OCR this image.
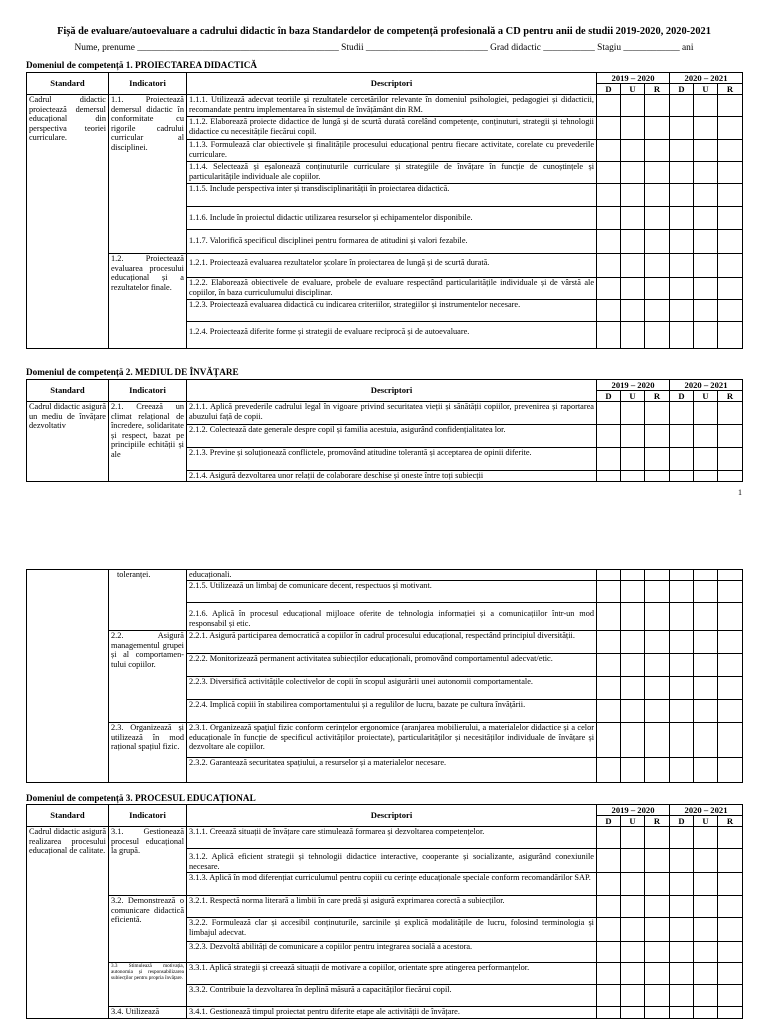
Fișă de evaluare/autoevaluare a cadrului didactic în baza Standardelor de competență profesională a CD pentru anii de studii 2019-2020, 2020-2021
Nume, prenume ___________________________________________ Studii __________________________ Grad didactic ___________ Stagiu ____________ ani
Domeniul de competență 1. PROIECTAREA DIDACTICĂ
Standard	Indicatori	Descriptori	2019 – 2020			2020 – 2021		
			D	U	R	D	U	R
Cadrul didactic proiectează demersul educațional din perspectiva teoriei curriculare.	1.1. Proiectează demersul didactic în conformitate cu rigorile cadrului curricular al disciplinei.	1.1.1. Utilizează adecvat teoriile și rezultatele cercetărilor relevante în domeniul psihologiei, pedagogiei și didacticii, recomandate pentru implementarea în sistemul de învățământ din RM.						
		1.1.2. Elaborează proiecte didactice de lungă și de scurtă durată corelând competențe, conținuturi, strategii și tehnologii didactice cu necesitățile fiecărui copil.						
		1.1.3. Formulează clar obiectivele și finalitățile procesului educațional pentru fiecare activitate, corelate cu prevederile curriculare.						
		1.1.4. Selectează și eșalonează conținuturile curriculare și strategiile de învățare în funcție de cunoștințele și particularitățile individuale ale copiilor.						
		1.1.5. Include perspectiva inter și transdisciplinarității în proiectarea didactică.						
		1.1.6. Include în proiectul didactic utilizarea resurselor și echipamentelor disponibile.						
		1.1.7. Valorifică specificul disciplinei pentru formarea de atitudini și valori fezabile.						
	1.2. Proiectează evaluarea procesului educațional și a rezultatelor finale.	1.2.1. Proiectează evaluarea rezultatelor școlare în proiectarea de lungă și de scurtă durată.						
		1.2.2. Elaborează obiectivele de evaluare, probele de evaluare respectând particularitățile individuale și de vârstă ale copiilor, în baza curriculumului disciplinar.						
		1.2.3. Proiectează evaluarea didactică cu indicarea criteriilor, strategiilor și instrumentelor necesare.						
		1.2.4. Proiectează diferite forme și strategii de evaluare reciprocă și de autoevaluare.						
Domeniul de competență 2. MEDIUL DE ÎNVĂȚARE
Standard	Indicatori	Descriptori	2019 – 2020			2020 – 2021		
			D	U	R	D	U	R
Cadrul didactic asigură un mediu de învățare dezvoltativ	2.1. Creează un climat relațional de încredere, solidaritate și respect, bazat pe principiile echității și ale	2.1.1. Aplică prevederile cadrului legal în vigoare privind securitatea vieții și sănătății copiilor, prevenirea și raportarea abuzului față de copii.						
		2.1.2. Colectează date generale despre copil și familia acestuia, asigurând confidențialitatea lor.						
		2.1.3. Previne și soluționează conflictele, promovând atitudine tolerantă și acceptarea de opinii diferite.						
		2.1.4. Asigură dezvoltarea unor relații de colaborare deschise și oneste între toți subiecții						
1
	toleranței.	educaționali.						
		2.1.5. Utilizează un limbaj de comunicare decent, respectuos și motivant.						
		2.1.6. Aplică în procesul educațional mijloace oferite de tehnologia informației și a comunicațiilor într-un mod responsabil și etic.						
	2.2. Asigură managementul grupei și al comportamen-tului copiilor.	2.2.1. Asigură participarea democratică a copiilor în cadrul procesului educațional, respectând principiul diversității.						
		2.2.2. Monitorizează permanent activitatea subiecților educaționali, promovând comportamentul adecvat/etic.						
		2.2.3. Diversifică activitățile colectivelor de copii în scopul asigurării unei autonomii comportamentale.						
		2.2.4. Implică copiii în stabilirea comportamentului și a regulilor de lucru, bazate pe cultura învățării.						
	2.3. Organizează și utilizează în mod rațional spațiul fizic.	2.3.1. Organizează spațiul fizic conform cerințelor ergonomice (aranjarea mobilierului, a materialelor didactice și a celor educaționale în funcție de specificul activităților proiectate), particularităților și necesităților individuale de învățare și dezvoltare ale copiilor.						
		2.3.2. Garantează securitatea spațiului, a resurselor și a materialelor necesare.						
Domeniul de competență 3. PROCESUL EDUCAȚIONAL
Standard	Indicatori	Descriptori	2019 – 2020			2020 – 2021		
			D	U	R	D	U	R
Cadrul didactic asigură realizarea procesului educațional de calitate.	3.1. Gestionează procesul educațional la grupă.	3.1.1. Creează situații de învățare care stimulează formarea și dezvoltarea competențelor.						
		3.1.2. Aplică eficient strategii și tehnologii didactice interactive, cooperante și socializante, asigurând conexiunile necesare.						
		3.1.3. Aplică în mod diferențiat curriculumul pentru copiii cu cerințe educaționale speciale conform recomandărilor SAP.						
	3.2. Demonstrează o comunicare didactică eficientă.	3.2.1. Respectă norma literară a limbii în care predă și asigură exprimarea corectă a subiecților.						
		3.2.2. Formulează clar și accesibil conținuturile, sarcinile și explică modalitățile de lucru, folosind terminologia și limbajul adecvat.						
		3.2.3. Dezvoltă abilități de comunicare a copiilor pentru integrarea socială a acestora.						
	3.3 Stimulează motivația, autonomia și responsabilizarea subiecților pentru propria învățare.	3.3.1. Aplică strategii și creează situații de motivare a copiilor, orientate spre atingerea performanțelor.						
		3.3.2. Contribuie la dezvoltarea în deplină măsură a capacităților fiecărui copil.						
	3.4. Utilizează	3.4.1. Gestionează timpul proiectat pentru diferite etape ale activității de învățare.						
